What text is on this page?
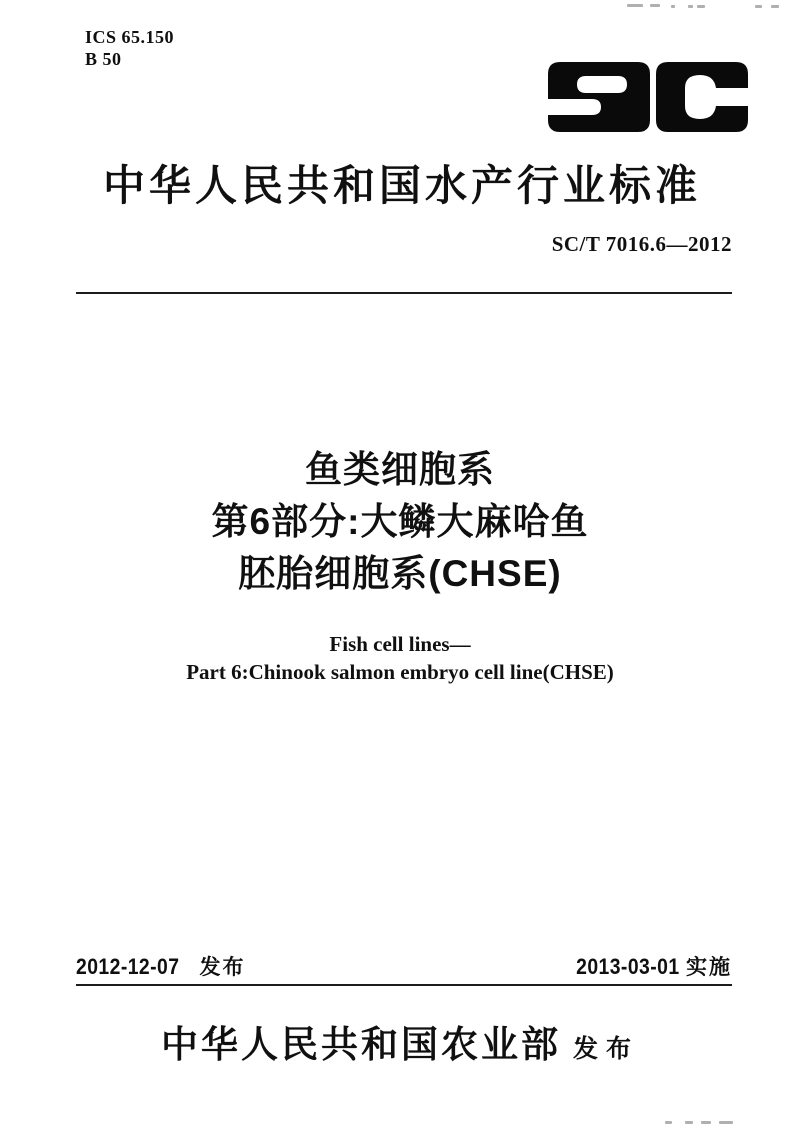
ICS 65.150
B 50
中华人民共和国水产行业标准
SC/T 7016.6—2012
鱼类细胞系
第6部分:大鳞大麻哈鱼
胚胎细胞系(CHSE)
Fish cell lines—
Part 6:Chinook salmon embryo cell line(CHSE)
2012-12-07 发布	2013-03-01 实施
中华人民共和国农业部 发布
